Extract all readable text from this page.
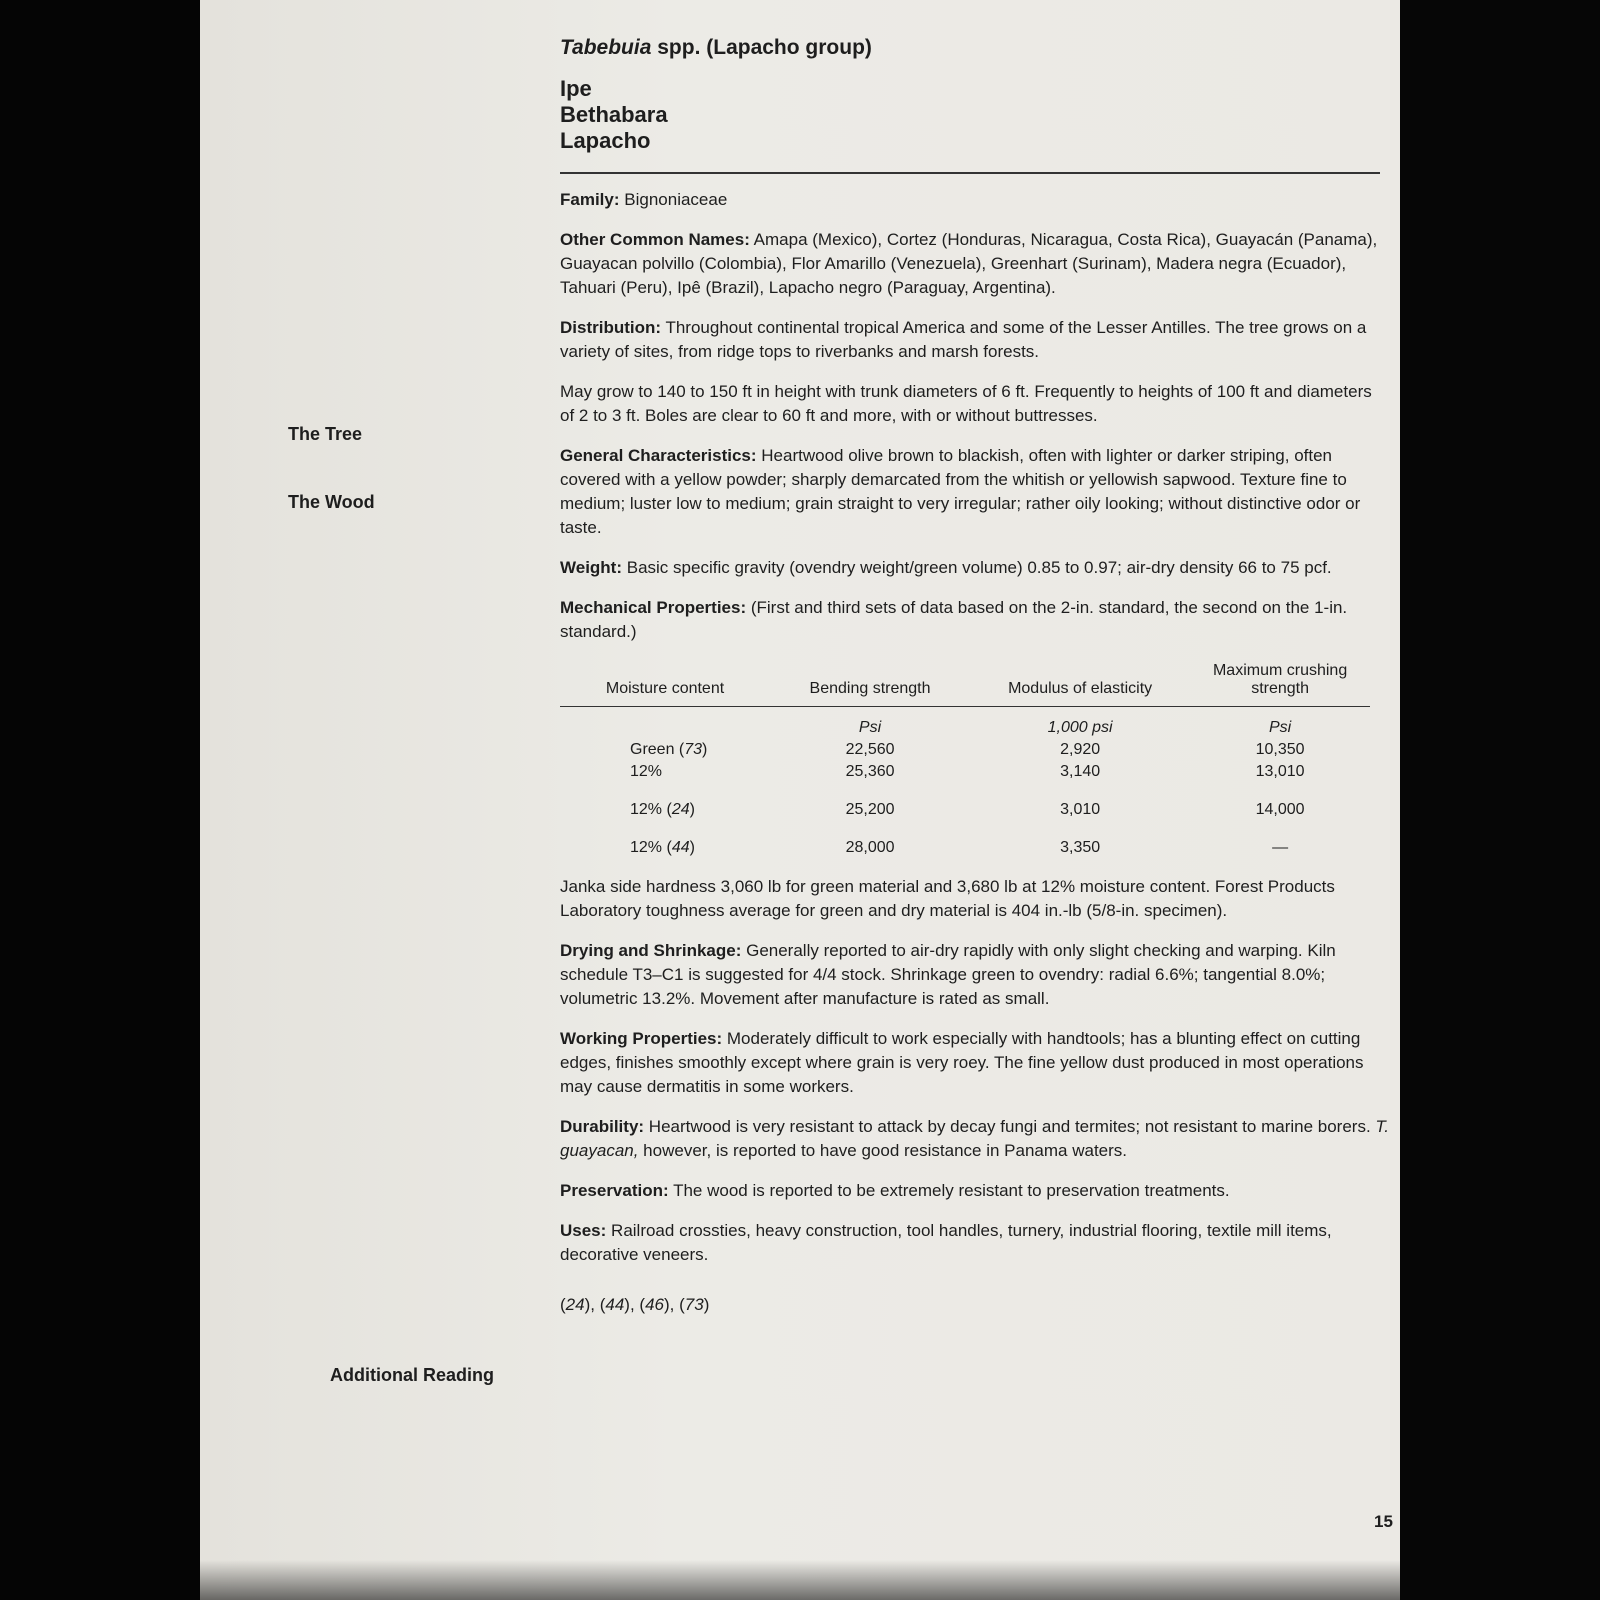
The Tree
The Wood
Additional Reading

Tabebuia spp. (Lapacho group)

Ipe
Bethabara
Lapacho

Family: Bignoniaceae

Other Common Names: Amapa (Mexico), Cortez (Honduras, Nicaragua, Costa Rica), Guayacán (Panama), Guayacan polvillo (Colombia), Flor Amarillo (Venezuela), Greenhart (Surinam), Madera negra (Ecuador), Tahuari (Peru), Ipê (Brazil), Lapacho negro (Paraguay, Argentina).

Distribution: Throughout continental tropical America and some of the Lesser Antilles. The tree grows on a variety of sites, from ridge tops to riverbanks and marsh forests.

May grow to 140 to 150 ft in height with trunk diameters of 6 ft. Frequently to heights of 100 ft and diameters of 2 to 3 ft. Boles are clear to 60 ft and more, with or without buttresses.

General Characteristics: Heartwood olive brown to blackish, often with lighter or darker striping, often covered with a yellow powder; sharply demarcated from the whitish or yellowish sapwood. Texture fine to medium; luster low to medium; grain straight to very irregular; rather oily looking; without distinctive odor or taste.

Weight: Basic specific gravity (ovendry weight/green volume) 0.85 to 0.97; air-dry density 66 to 75 pcf.

Mechanical Properties: (First and third sets of data based on the 2-in. standard, the second on the 1-in. standard.)

Moisture content	Bending strength	Modulus of elasticity	Maximum crushing strength
	Psi	1,000 psi	Psi
Green (73)	22,560	2,920	10,350
12%	25,360	3,140	13,010
12% (24)	25,200	3,010	14,000
12% (44)	28,000	3,350	—

Janka side hardness 3,060 lb for green material and 3,680 lb at 12% moisture content. Forest Products Laboratory toughness average for green and dry material is 404 in.-lb (5/8-in. specimen).

Drying and Shrinkage: Generally reported to air-dry rapidly with only slight checking and warping. Kiln schedule T3–C1 is suggested for 4/4 stock. Shrinkage green to ovendry: radial 6.6%; tangential 8.0%; volumetric 13.2%. Movement after manufacture is rated as small.

Working Properties: Moderately difficult to work especially with handtools; has a blunting effect on cutting edges, finishes smoothly except where grain is very roey. The fine yellow dust produced in most operations may cause dermatitis in some workers.

Durability: Heartwood is very resistant to attack by decay fungi and termites; not resistant to marine borers. T. guayacan, however, is reported to have good resistance in Panama waters.

Preservation: The wood is reported to be extremely resistant to preservation treatments.

Uses: Railroad crossties, heavy construction, tool handles, turnery, industrial flooring, textile mill items, decorative veneers.

(24), (44), (46), (73)

15
